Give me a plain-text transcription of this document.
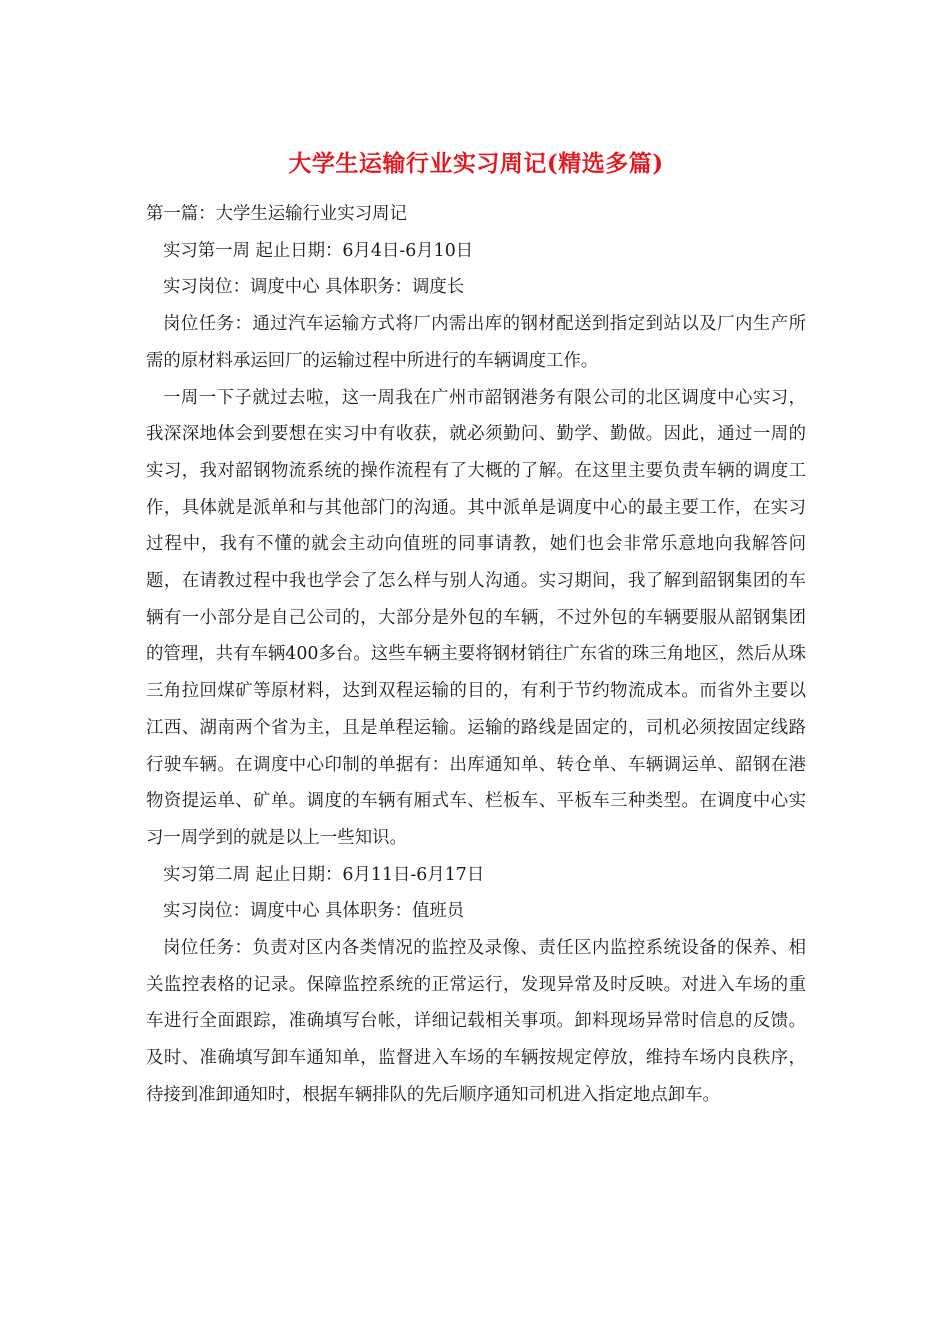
大学生运输行业实习周记(精选多篇)

第一篇：大学生运输行业实习周记

实习第一周 起止日期：6月4日-6月10日

实习岗位：调度中心 具体职务：调度长

岗位任务：通过汽车运输方式将厂内需出库的钢材配送到指定到站以及厂内生产所需的原材料承运回厂的运输过程中所进行的车辆调度工作。

一周一下子就过去啦，这一周我在广州市韶钢港务有限公司的北区调度中心实习，我深深地体会到要想在实习中有收获，就必须勤问、勤学、勤做。因此，通过一周的实习，我对韶钢物流系统的操作流程有了大概的了解。在这里主要负责车辆的调度工作，具体就是派单和与其他部门的沟通。其中派单是调度中心的最主要工作，在实习过程中，我有不懂的就会主动向值班的同事请教，她们也会非常乐意地向我解答问题，在请教过程中我也学会了怎么样与别人沟通。实习期间，我了解到韶钢集团的车辆有一小部分是自己公司的，大部分是外包的车辆，不过外包的车辆要服从韶钢集团的管理，共有车辆400多台。这些车辆主要将钢材销往广东省的珠三角地区，然后从珠三角拉回煤矿等原材料，达到双程运输的目的，有利于节约物流成本。而省外主要以江西、湖南两个省为主，且是单程运输。运输的路线是固定的，司机必须按固定线路行驶车辆。在调度中心印制的单据有：出库通知单、转仓单、车辆调运单、韶钢在港物资提运单、矿单。调度的车辆有厢式车、栏板车、平板车三种类型。在调度中心实习一周学到的就是以上一些知识。

实习第二周 起止日期：6月11日-6月17日

实习岗位：调度中心 具体职务：值班员

岗位任务：负责对区内各类情况的监控及录像、责任区内监控系统设备的保养、相关监控表格的记录。保障监控系统的正常运行，发现异常及时反映。对进入车场的重车进行全面跟踪，准确填写台帐，详细记载相关事项。卸料现场异常时信息的反馈。及时、准确填写卸车通知单，监督进入车场的车辆按规定停放，维持车场内良秩序，待接到准卸通知时，根据车辆排队的先后顺序通知司机进入指定地点卸车。
